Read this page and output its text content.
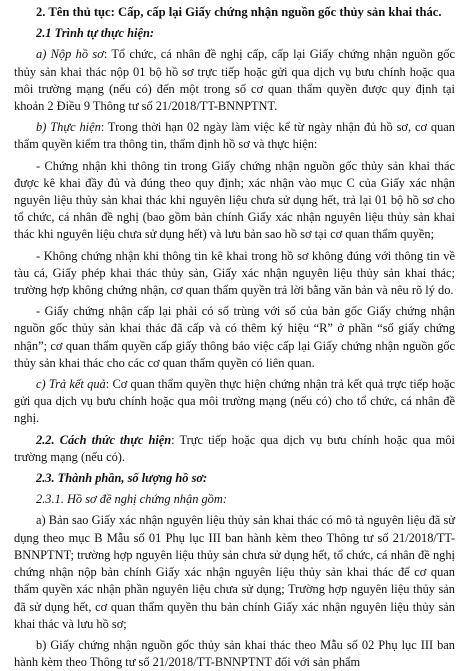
2. Tên thủ tục: Cấp, cấp lại Giấy chứng nhận nguồn gốc thủy sản khai thác.
2.1 Trình tự thực hiện:

a) Nộp hồ sơ: Tổ chức, cá nhân đề nghị cấp, cấp lại Giấy chứng nhận nguồn gốc thủy sản khai thác nộp 01 bộ hồ sơ trực tiếp hoặc gửi qua dịch vụ bưu chính hoặc qua môi trường mạng (nếu có) đến một trong số cơ quan thẩm quyền được quy định tại khoản 2 Điều 9 Thông tư số 21/2018/TT-BNNPTNT.

b) Thực hiện: Trong thời hạn 02 ngày làm việc kể từ ngày nhận đủ hồ sơ, cơ quan thẩm quyền kiểm tra thông tin, thẩm định hồ sơ và thực hiện:

- Chứng nhận khi thông tin trong Giấy chứng nhận nguồn gốc thủy sản khai thác được kê khai đầy đủ và đúng theo quy định; xác nhận vào mục C của Giấy xác nhận nguyên liệu thủy sản khai thác khi nguyên liệu chưa sử dụng hết, trả lại 01 bộ hồ sơ cho tổ chức, cá nhân đề nghị (bao gồm bản chính Giấy xác nhận nguyên liệu thủy sản khai thác khi nguyên liệu chưa sử dụng hết) và lưu bản sao hồ sơ tại cơ quan thẩm quyền;

- Không chứng nhận khi thông tin kê khai trong hồ sơ không đúng với thông tin về tàu cá, Giấy phép khai thác thủy sản, Giấy xác nhận nguyên liệu thủy sản khai thác; trường hợp không chứng nhận, cơ quan thẩm quyền trả lời bằng văn bản và nêu rõ lý do.

- Giấy chứng nhận cấp lại phải có số trùng với số của bản gốc Giấy chứng nhận nguồn gốc thủy sản khai thác đã cấp và có thêm ký hiệu “R” ở phần “số giấy chứng nhận”; cơ quan thẩm quyền cấp giấy thông báo việc cấp lại Giấy chứng nhận nguồn gốc thủy sản khai thác cho các cơ quan thẩm quyền có liên quan.

c) Trả kết quả: Cơ quan thẩm quyền thực hiện chứng nhận trả kết quả trực tiếp hoặc gửi qua dịch vụ bưu chính hoặc qua môi trường mạng (nếu có) cho tổ chức, cá nhân đề nghị.

2.2. Cách thức thực hiện: Trực tiếp hoặc qua dịch vụ bưu chính hoặc qua môi trường mạng (nếu có).

2.3. Thành phần, số lượng hồ sơ:

2.3.1. Hồ sơ đề nghị chứng nhận gồm:

a) Bản sao Giấy xác nhận nguyên liệu thủy sản khai thác có mô tả nguyên liệu đã sử dụng theo mục B Mẫu số 01 Phụ lục III ban hành kèm theo Thông tư số 21/2018/TT-BNNPTNT; trường hợp nguyên liệu thủy sản chưa sử dụng hết, tổ chức, cá nhân đề nghị chứng nhận nộp bản chính Giấy xác nhận nguyên liệu thủy sản khai thác để cơ quan thẩm quyền xác nhận phần nguyên liệu chưa sử dụng; Trường hợp nguyên liệu thủy sản đã sử dụng hết, cơ quan thẩm quyền thu bản chính Giấy xác nhận nguyên liệu thủy sản khai thác và lưu hồ sơ;

b) Giấy chứng nhận nguồn gốc thủy sản khai thác theo Mẫu số 02 Phụ lục III ban hành kèm theo Thông tư số 21/2018/TT-BNNPTNT đối với sản phẩm
